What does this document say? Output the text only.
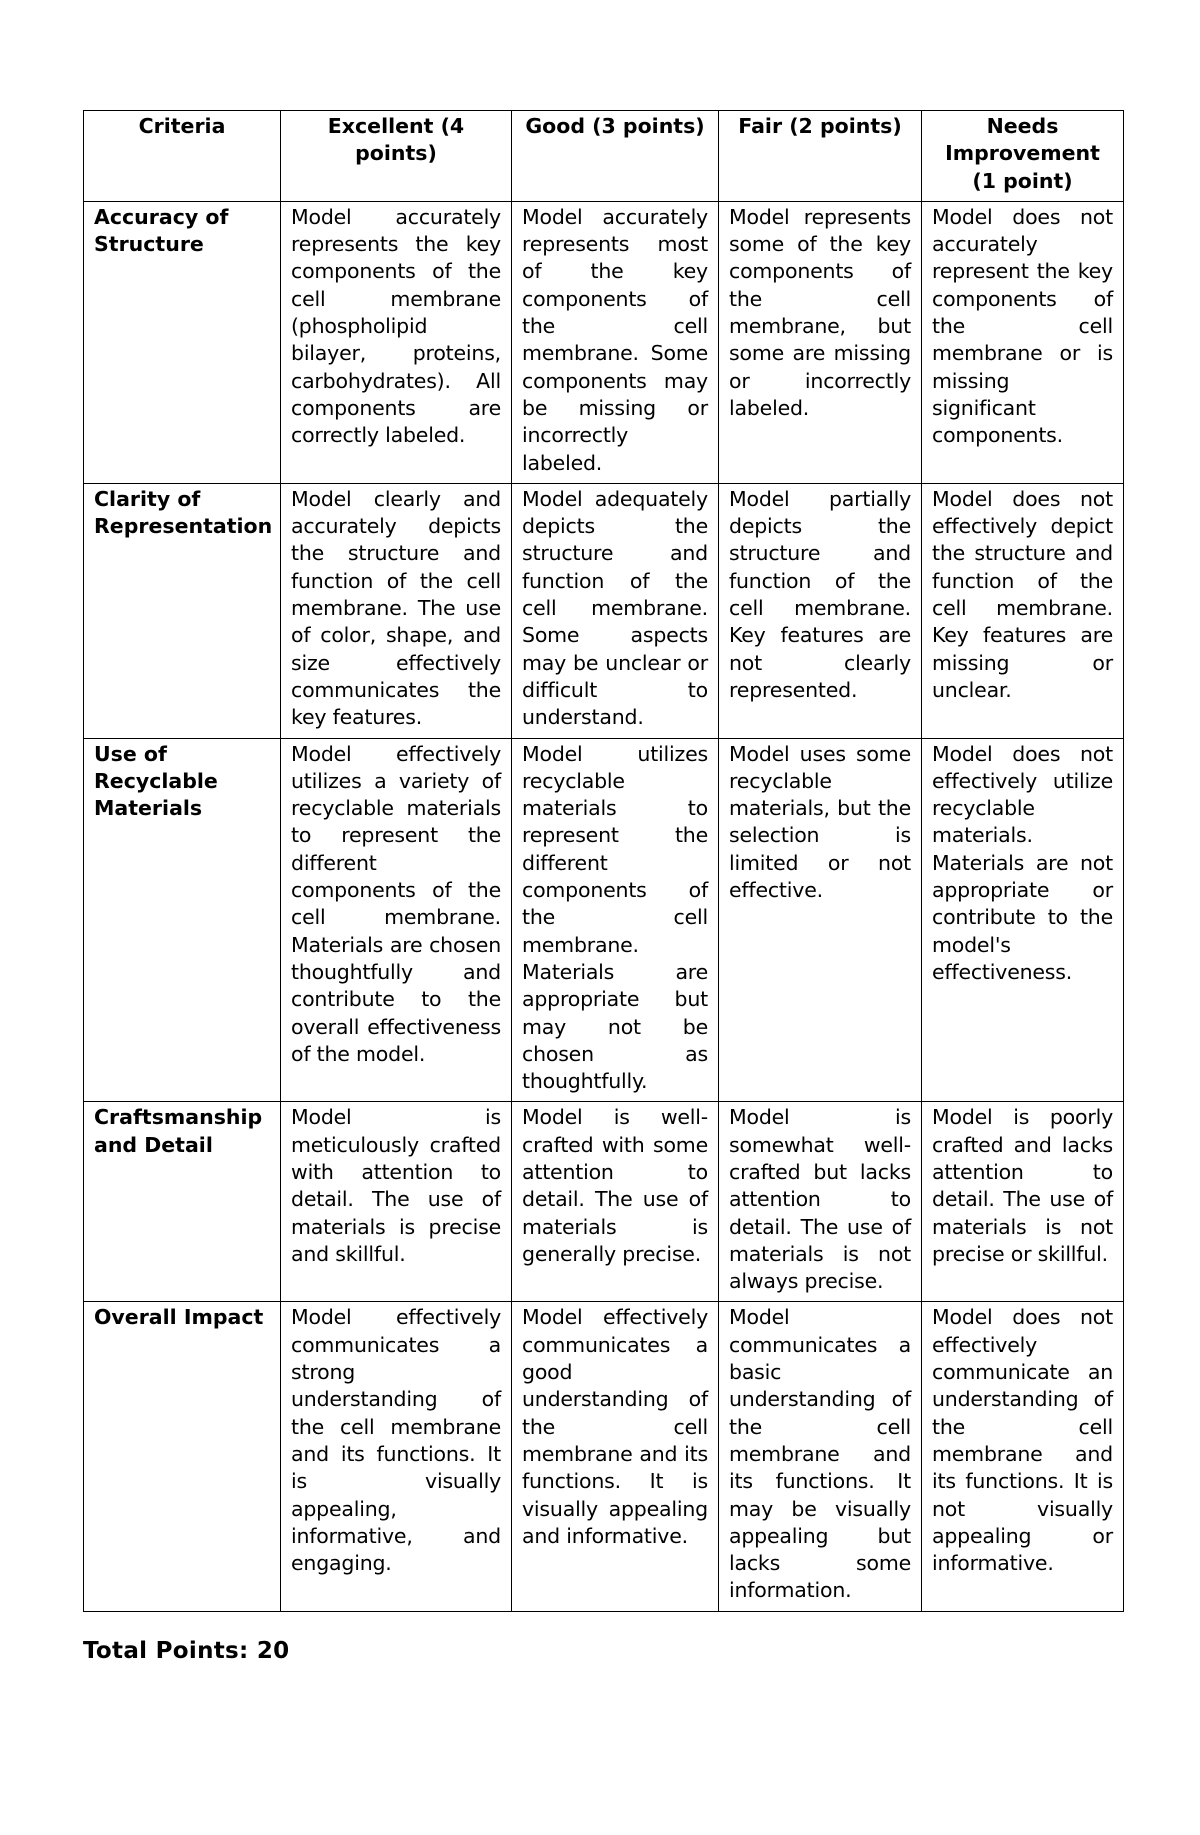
Criteria	Excellent (4 points)	Good (3 points)	Fair (2 points)	Needs Improvement (1 point)
Accuracy of Structure	Model accurately represents the key components of the cell membrane (phospholipid bilayer, proteins, carbohydrates). All components are correctly labeled.	Model accurately represents most of the key components of the cell membrane. Some components may be missing or incorrectly labeled.	Model represents some of the key components of the cell membrane, but some are missing or incorrectly labeled.	Model does not accurately represent the key components of the cell membrane or is missing significant components.
Clarity of Representation	Model clearly and accurately depicts the structure and function of the cell membrane. The use of color, shape, and size effectively communicates the key features.	Model adequately depicts the structure and function of the cell membrane. Some aspects may be unclear or difficult to understand.	Model partially depicts the structure and function of the cell membrane. Key features are not clearly represented.	Model does not effectively depict the structure and function of the cell membrane. Key features are missing or unclear.
Use of Recyclable Materials	Model effectively utilizes a variety of recyclable materials to represent the different components of the cell membrane. Materials are chosen thoughtfully and contribute to the overall effectiveness of the model.	Model utilizes recyclable materials to represent the different components of the cell membrane. Materials are appropriate but may not be chosen as thoughtfully.	Model uses some recyclable materials, but the selection is limited or not effective.	Model does not effectively utilize recyclable materials. Materials are not appropriate or contribute to the model's effectiveness.
Craftsmanship and Detail	Model is meticulously crafted with attention to detail. The use of materials is precise and skillful.	Model is well-crafted with some attention to detail. The use of materials is generally precise.	Model is somewhat well-crafted but lacks attention to detail. The use of materials is not always precise.	Model is poorly crafted and lacks attention to detail. The use of materials is not precise or skillful.
Overall Impact	Model effectively communicates a strong understanding of the cell membrane and its functions. It is visually appealing, informative, and engaging.	Model effectively communicates a good understanding of the cell membrane and its functions. It is visually appealing and informative.	Model communicates a basic understanding of the cell membrane and its functions. It may be visually appealing but lacks some information.	Model does not effectively communicate an understanding of the cell membrane and its functions. It is not visually appealing or informative.
Total Points: 20
